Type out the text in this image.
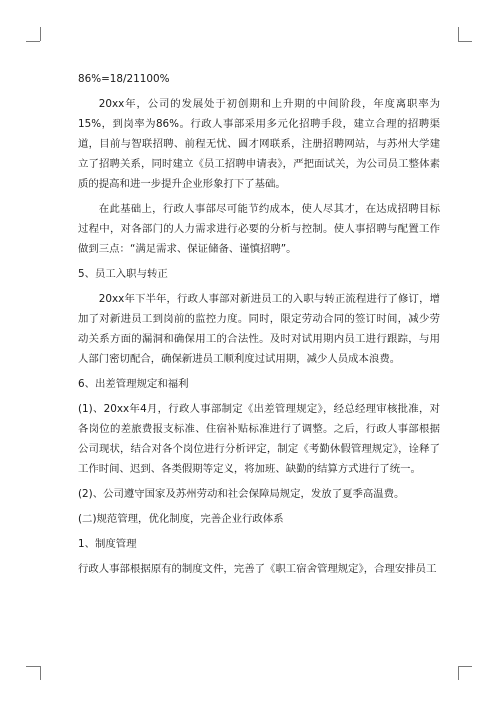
86%=18/21100%

20xx年，公司的发展处于初创期和上升期的中间阶段，年度离职率为15%，到岗率为86%。行政人事部采用多元化招聘手段，建立合理的招聘渠道，目前与智联招聘、前程无忧、圆才网联系，注册招聘网站，与苏州大学建立了招聘关系，同时建立《员工招聘申请表》，严把面试关，为公司员工整体素质的提高和进一步提升企业形象打下了基础。

在此基础上，行政人事部尽可能节约成本，使人尽其才，在达成招聘目标过程中，对各部门的人力需求进行必要的分析与控制。使人事招聘与配置工作做到三点：“满足需求、保证储备、谨慎招聘”。

5、员工入职与转正

20xx年下半年，行政人事部对新进员工的入职与转正流程进行了修订，增加了对新进员工到岗前的监控力度。同时，限定劳动合同的签订时间，减少劳动关系方面的漏洞和确保用工的合法性。及时对试用期内员工进行跟踪，与用人部门密切配合，确保新进员工顺利度过试用期，减少人员成本浪费。

6、出差管理规定和福利

(1)、20xx年4月，行政人事部制定《出差管理规定》，经总经理审核批准，对各岗位的差旅费报支标准、住宿补贴标准进行了调整。之后，行政人事部根据公司现状，结合对各个岗位进行分析评定，制定《考勤休假管理规定》，诠释了工作时间、迟到、各类假期等定义，将加班、缺勤的结算方式进行了统一。

(2)、公司遵守国家及苏州劳动和社会保障局规定，发放了夏季高温费。

(二)规范管理，优化制度，完善企业行政体系

1、制度管理

行政人事部根据原有的制度文件，完善了《职工宿舍管理规定》，合理安排员工
